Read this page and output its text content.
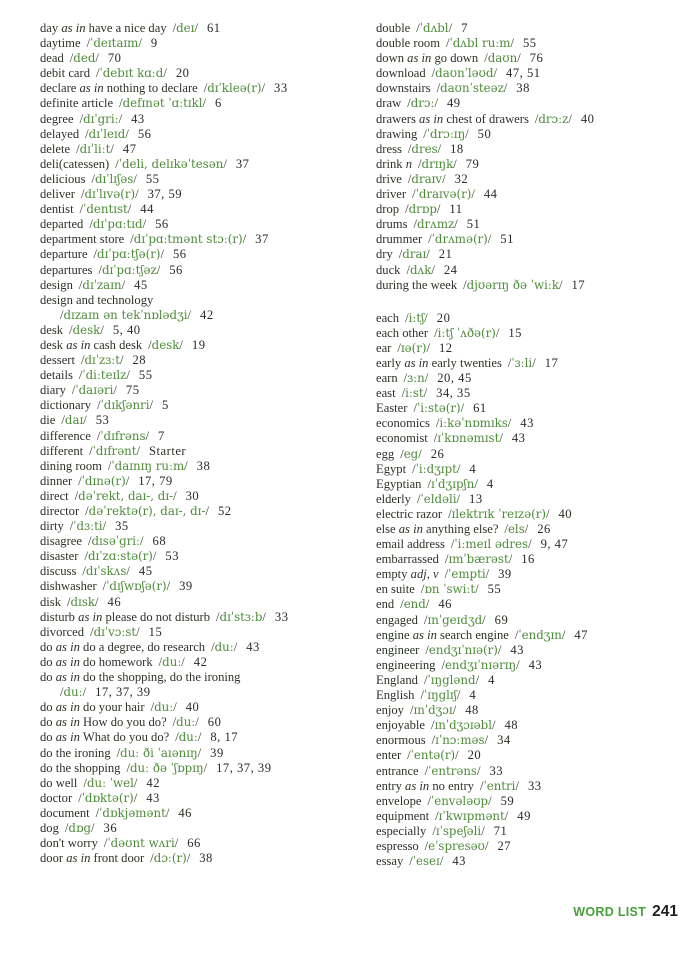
day as in have a nice day /deɪ/ 61
daytime /ˈdeɪtaɪm/ 9
dead /ded/ 70
debit card /ˈdebɪt kɑːd/ 20
declare as in nothing to declare /dɪˈkleə(r)/ 33
definite article /defɪnət ˈɑːtɪkl/ 6
degree /dɪˈgriː/ 43
delayed /dɪˈleɪd/ 56
delete /dɪˈliːt/ 47
deli(catessen) /ˈdeli, delɪkəˈtesən/ 37
delicious /dɪˈlɪʃəs/ 55
deliver /dɪˈlɪvə(r)/ 37, 59
dentist /ˈdentɪst/ 44
departed /dɪˈpɑːtɪd/ 56
department store /dɪˈpɑːtmənt stɔː(r)/ 37
departure /dɪˈpɑːtʃə(r)/ 56
departures /dɪˈpɑːtʃəz/ 56
design /dɪˈzaɪn/ 45
design and technology
/dɪzaɪn ən tekˈnɒlədʒi/ 42
desk /desk/ 5, 40
desk as in cash desk /desk/ 19
dessert /dɪˈzɜːt/ 28
details /ˈdiːteɪlz/ 55
diary /ˈdaɪəri/ 75
dictionary /ˈdɪkʃənri/ 5
die /daɪ/ 53
difference /ˈdɪfrəns/ 7
different /ˈdɪfrənt/ Starter
dining room /ˈdaɪnɪŋ ruːm/ 38
dinner /ˈdɪnə(r)/ 17, 79
direct /dəˈrekt, daɪ-, dɪ-/ 30
director /dəˈrektə(r), daɪ-, dɪ-/ 52
dirty /ˈdɜːti/ 35
disagree /dɪsəˈgriː/ 68
disaster /dɪˈzɑːstə(r)/ 53
discuss /dɪˈskʌs/ 45
dishwasher /ˈdɪʃwɒʃə(r)/ 39
disk /dɪsk/ 46
disturb as in please do not disturb /dɪˈstɜːb/ 33
divorced /dɪˈvɔːst/ 15
do as in do a degree, do research /duː/ 43
do as in do homework /duː/ 42
do as in do the shopping, do the ironing
/duː/ 17, 37, 39
do as in do your hair /duː/ 40
do as in How do you do? /duː/ 60
do as in What do you do? /duː/ 8, 17
do the ironing /duː ði ˈaɪənɪŋ/ 39
do the shopping /duː ðə ˈʃɒpɪŋ/ 17, 37, 39
do well /duː ˈwel/ 42
doctor /ˈdɒktə(r)/ 43
document /ˈdɒkjəmənt/ 46
dog /dɒg/ 36
don't worry /ˈdəʊnt wʌri/ 66
door as in front door /dɔː(r)/ 38
double /ˈdʌbl/ 7
double room /ˈdʌbl ruːm/ 55
down as in go down /daʊn/ 76
download /daʊnˈləʊd/ 47, 51
downstairs /daʊnˈsteəz/ 38
draw /drɔː/ 49
drawers as in chest of drawers /drɔːz/ 40
drawing /ˈdrɔːɪŋ/ 50
dress /dres/ 18
drink n /drɪŋk/ 79
drive /draɪv/ 32
driver /ˈdraɪvə(r)/ 44
drop /drɒp/ 11
drums /drʌmz/ 51
drummer /ˈdrʌmə(r)/ 51
dry /draɪ/ 21
duck /dʌk/ 24
during the week /djʊərɪŋ ðə ˈwiːk/ 17
each /iːtʃ/ 20
each other /iːtʃ ˈʌðə(r)/ 15
ear /ɪə(r)/ 12
early as in early twenties /ˈɜːli/ 17
earn /ɜːn/ 20, 45
east /iːst/ 34, 35
Easter /ˈiːstə(r)/ 61
economics /iːkəˈnɒmɪks/ 43
economist /ɪˈkɒnəmɪst/ 43
egg /eg/ 26
Egypt /ˈiːdʒɪpt/ 4
Egyptian /ɪˈdʒɪpʃn/ 4
elderly /ˈeldəli/ 13
electric razor /ɪlektrɪk ˈreɪzə(r)/ 40
else as in anything else? /els/ 26
email address /ˈiːmeɪl ədres/ 9, 47
embarrassed /ɪmˈbærəst/ 16
empty adj, v /ˈempti/ 39
en suite /ɒn ˈswiːt/ 55
end /end/ 46
engaged /ɪnˈgeɪdʒd/ 69
engine as in search engine /ˈendʒɪn/ 47
engineer /endʒɪˈnɪə(r)/ 43
engineering /endʒɪˈnɪərɪŋ/ 43
England /ˈɪŋglənd/ 4
English /ˈɪŋglɪʃ/ 4
enjoy /ɪnˈdʒɔɪ/ 48
enjoyable /ɪnˈdʒɔɪəbl/ 48
enormous /ɪˈnɔːməs/ 34
enter /ˈentə(r)/ 20
entrance /ˈentrəns/ 33
entry as in no entry /ˈentri/ 33
envelope /ˈenvələʊp/ 59
equipment /ɪˈkwɪpmənt/ 49
especially /ɪˈspeʃəli/ 71
espresso /eˈspresəʊ/ 27
essay /ˈeseɪ/ 43
WORD LIST 241
